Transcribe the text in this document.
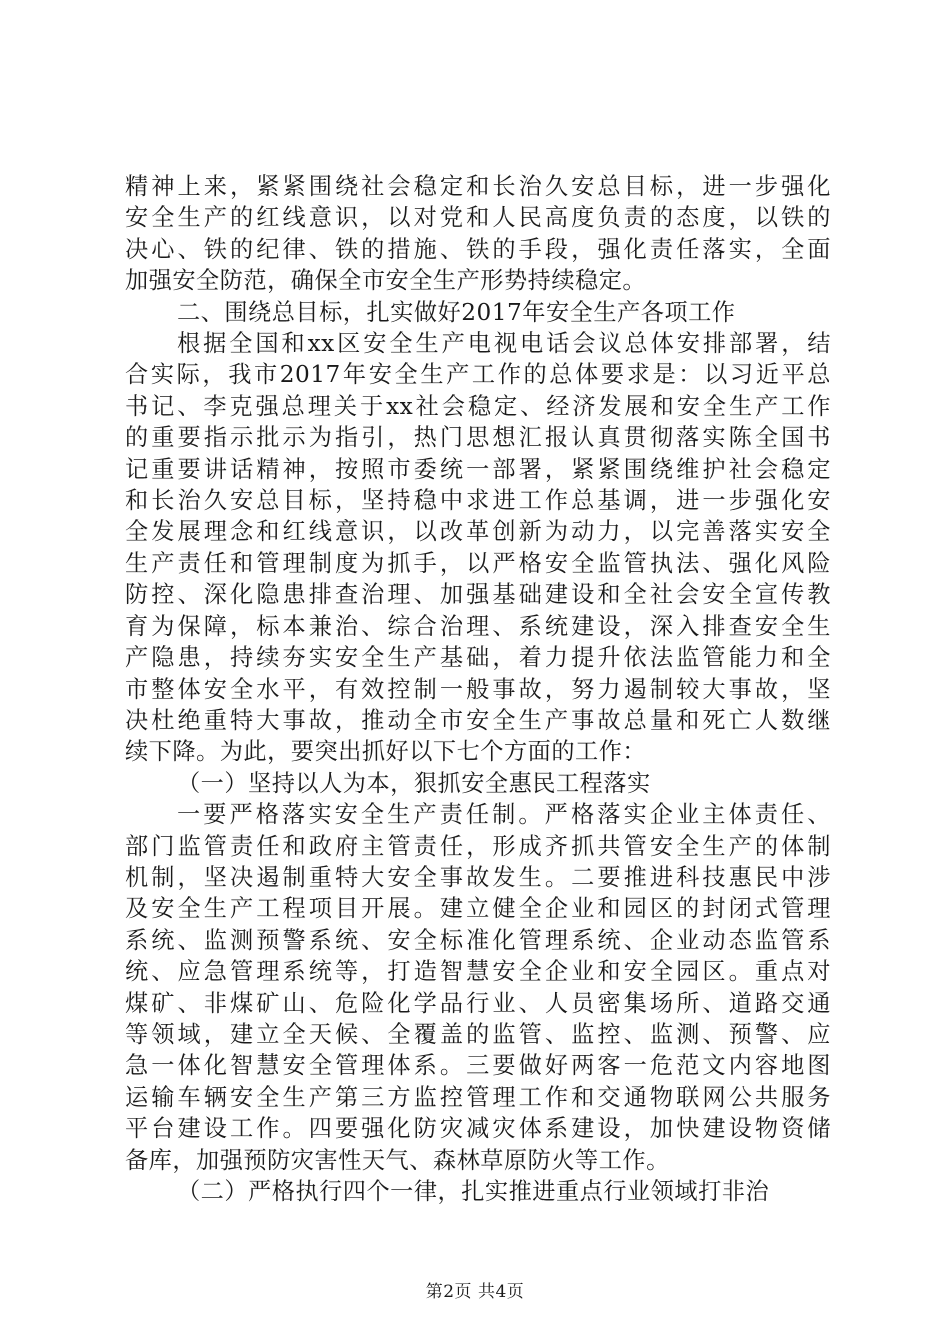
精神上来，紧紧围绕社会稳定和长治久安总目标，进一步强化
安全生产的红线意识，以对党和人民高度负责的态度，以铁的
决心、铁的纪律、铁的措施、铁的手段，强化责任落实，全面
加强安全防范，确保全市安全生产形势持续稳定。
二、围绕总目标，扎实做好2017年安全生产各项工作
根据全国和xx区安全生产电视电话会议总体安排部署，结
合实际，我市2017年安全生产工作的总体要求是：以习近平总
书记、李克强总理关于xx社会稳定、经济发展和安全生产工作
的重要指示批示为指引，热门思想汇报认真贯彻落实陈全国书
记重要讲话精神，按照市委统一部署，紧紧围绕维护社会稳定
和长治久安总目标，坚持稳中求进工作总基调，进一步强化安
全发展理念和红线意识，以改革创新为动力，以完善落实安全
生产责任和管理制度为抓手，以严格安全监管执法、强化风险
防控、深化隐患排查治理、加强基础建设和全社会安全宣传教
育为保障，标本兼治、综合治理、系统建设，深入排查安全生
产隐患，持续夯实安全生产基础，着力提升依法监管能力和全
市整体安全水平，有效控制一般事故，努力遏制较大事故，坚
决杜绝重特大事故，推动全市安全生产事故总量和死亡人数继
续下降。为此，要突出抓好以下七个方面的工作：
（一）坚持以人为本，狠抓安全惠民工程落实
一要严格落实安全生产责任制。严格落实企业主体责任、
部门监管责任和政府主管责任，形成齐抓共管安全生产的体制
机制，坚决遏制重特大安全事故发生。二要推进科技惠民中涉
及安全生产工程项目开展。建立健全企业和园区的封闭式管理
系统、监测预警系统、安全标准化管理系统、企业动态监管系
统、应急管理系统等，打造智慧安全企业和安全园区。重点对
煤矿、非煤矿山、危险化学品行业、人员密集场所、道路交通
等领域，建立全天候、全覆盖的监管、监控、监测、预警、应
急一体化智慧安全管理体系。三要做好两客一危范文内容地图
运输车辆安全生产第三方监控管理工作和交通物联网公共服务
平台建设工作。四要强化防灾减灾体系建设，加快建设物资储
备库，加强预防灾害性天气、森林草原防火等工作。
（二）严格执行四个一律，扎实推进重点行业领域打非治
第2页 共4页
